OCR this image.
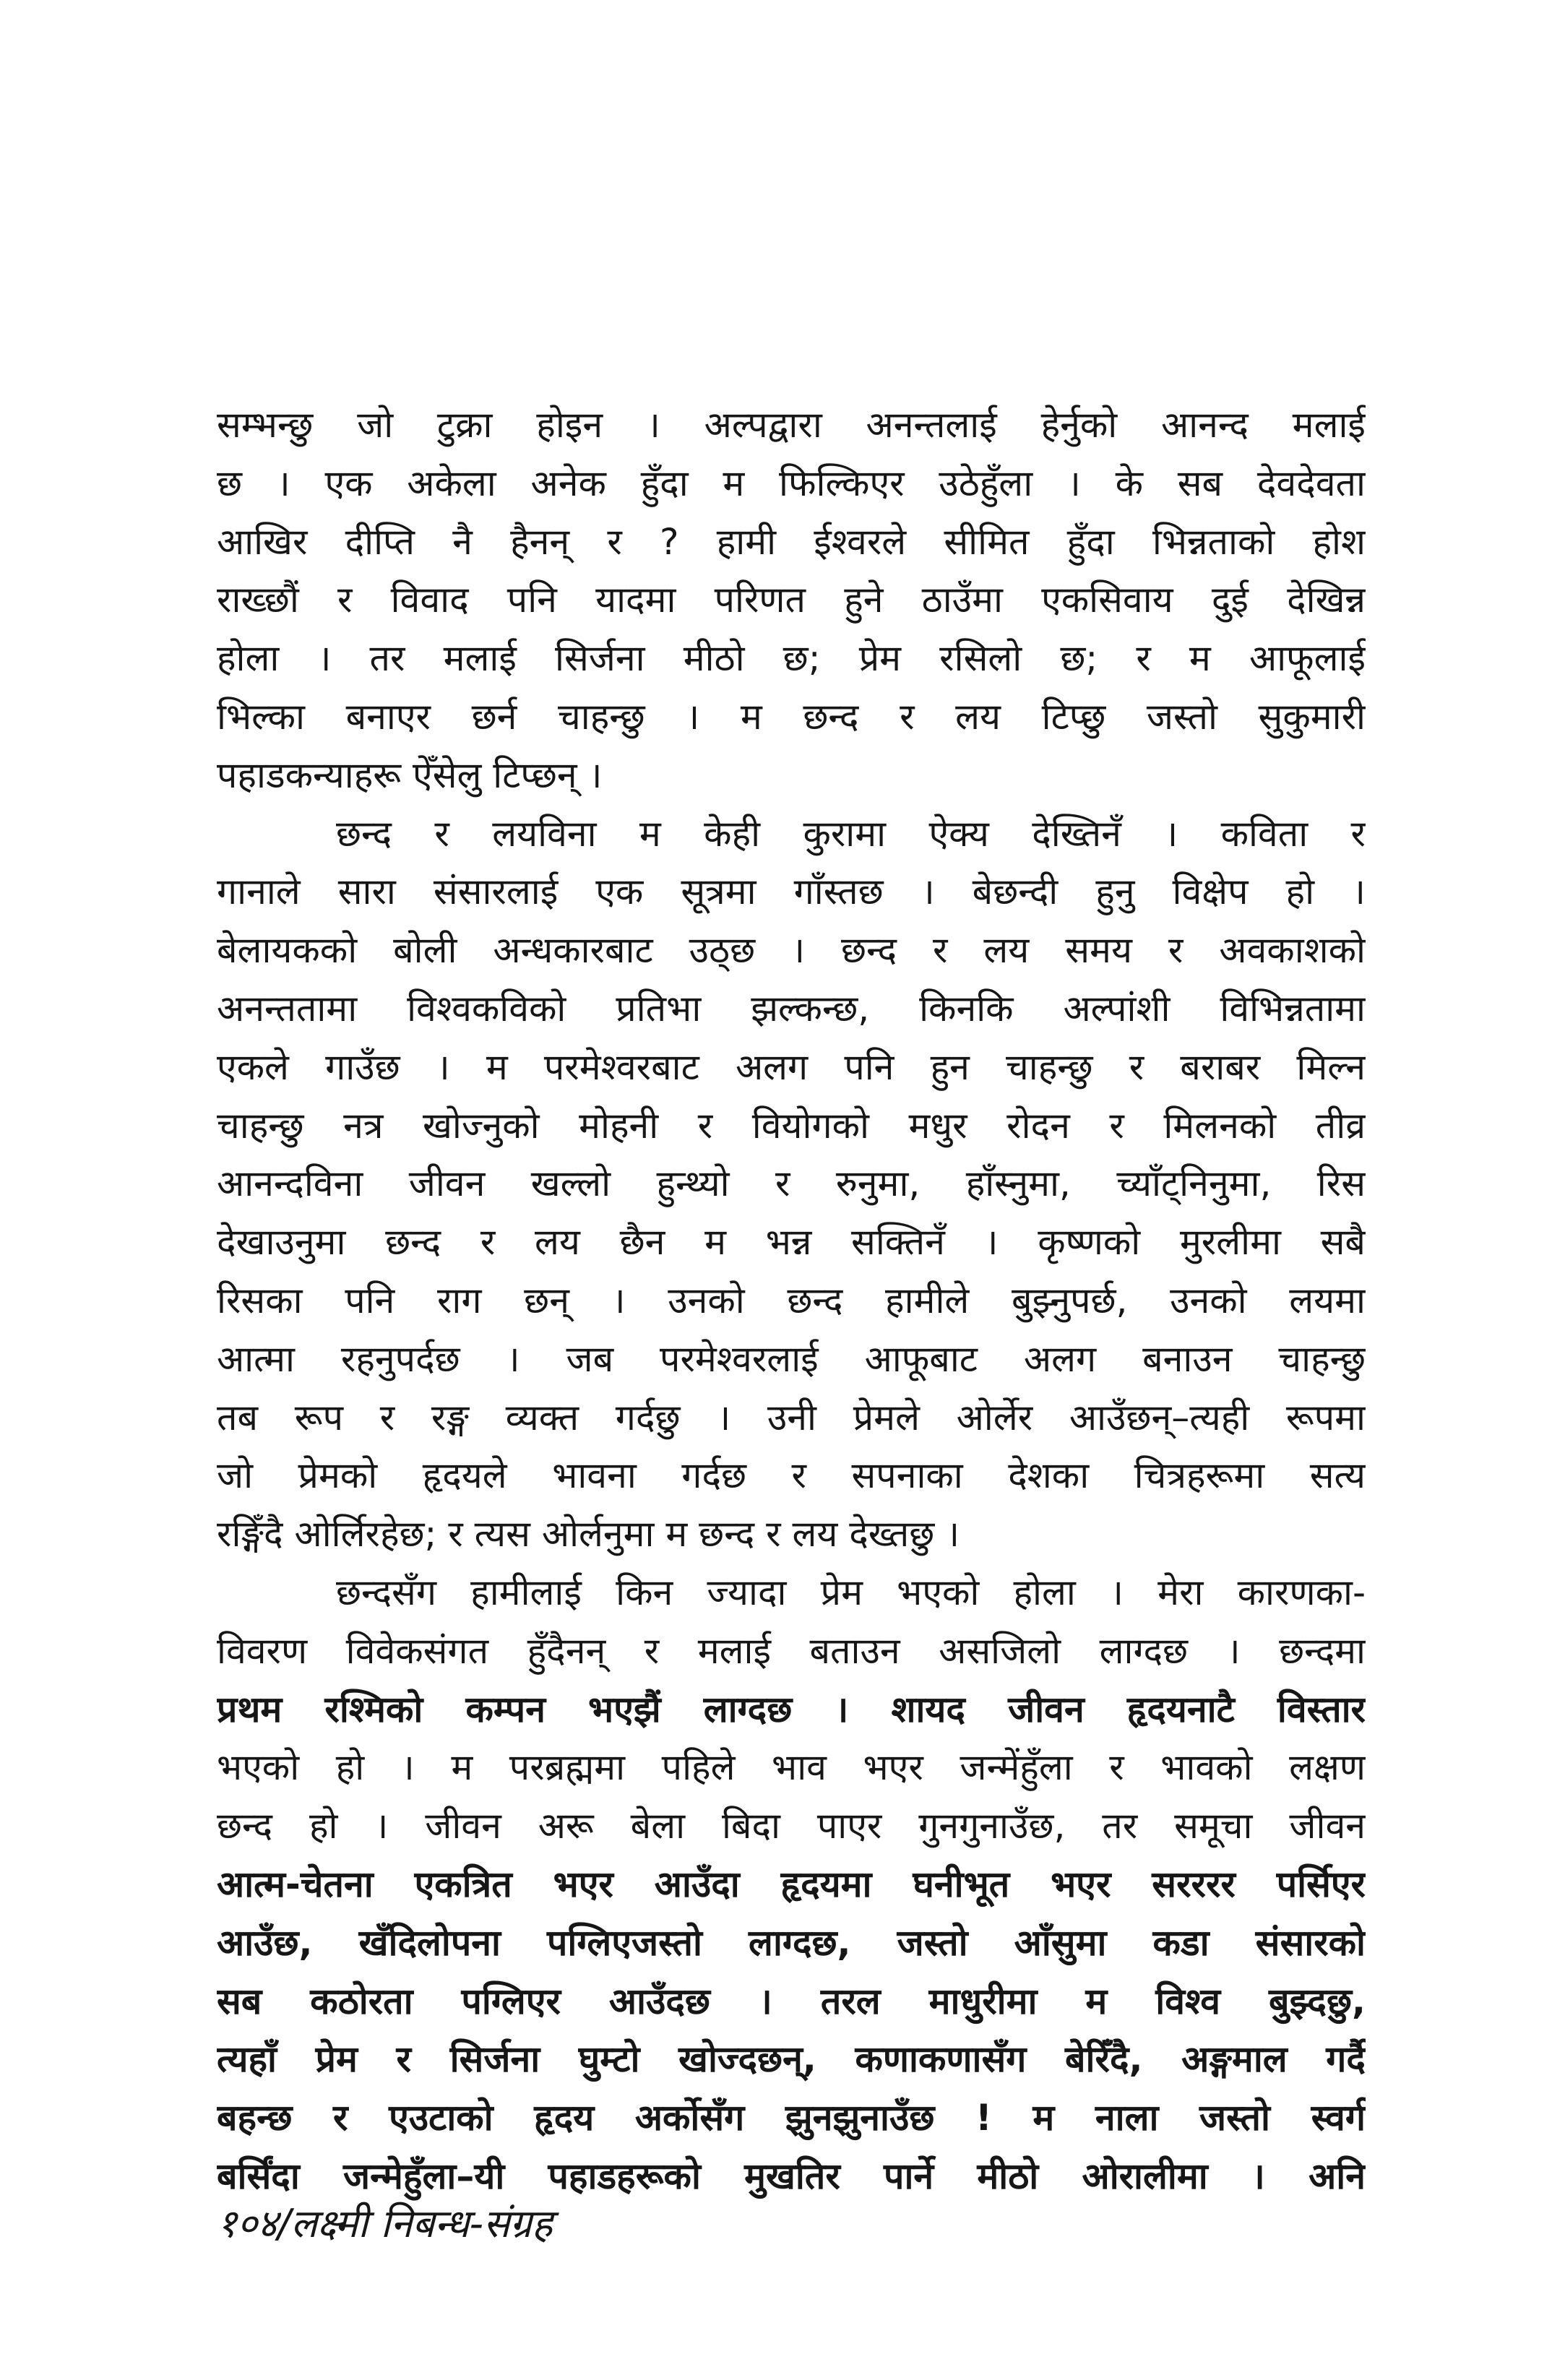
सम्भन्छु जो टुक्रा होइन । अल्पद्वारा अनन्तलाई हेर्नुको आनन्द मलाई
छ । एक अकेला अनेक हुँदा म फिल्किएर उठेहुँला । के सब देवदेवता
आखिर दीप्ति नै हैनन् र ? हामी ईश्वरले सीमित हुँदा भिन्नताको होश
राख्छौं र विवाद पनि यादमा परिणत हुने ठाउँमा एकसिवाय दुई देखिन्न
होला । तर मलाई सिर्जना मीठो छ; प्रेम रसिलो छ; र म आफूलाई
भिल्का बनाएर छर्न चाहन्छु । म छन्द र लय टिप्छु जस्तो सुकुमारी
पहाडकन्याहरू ऐँसेलु टिप्छन् ।
छन्द र लयविना म केही कुरामा ऐक्य देख्तिनँ । कविता र
गानाले सारा संसारलाई एक सूत्रमा गाँस्तछ । बेछन्दी हुनु विक्षेप हो ।
बेलायकको बोली अन्धकारबाट उठ्छ । छन्द र लय समय र अवकाशको
अनन्ततामा विश्वकविको प्रतिभा झल्कन्छ, किनकि अल्पांशी विभिन्नतामा
एकले गाउँछ । म परमेश्वरबाट अलग पनि हुन चाहन्छु र बराबर मिल्न
चाहन्छु नत्र खोज्नुको मोहनी र वियोगको मधुर रोदन र मिलनको तीव्र
आनन्दविना जीवन खल्लो हुन्थ्यो र रुनुमा, हाँस्नुमा, च्याँट्निनुमा, रिस
देखाउनुमा छन्द र लय छैन म भन्न सक्तिनँ । कृष्णको मुरलीमा सबै
रिसका पनि राग छन् । उनको छन्द हामीले बुझ्नुपर्छ, उनको लयमा
आत्मा रहनुपर्दछ । जब परमेश्वरलाई आफूबाट अलग बनाउन चाहन्छु
तब रूप र रङ्ग व्यक्त गर्दछु । उनी प्रेमले ओर्लेर आउँछन्–त्यही रूपमा
जो प्रेमको हृदयले भावना गर्दछ र सपनाका देशका चित्रहरूमा सत्य
रङ्गिँदै ओर्लिरहेछ; र त्यस ओर्लनुमा म छन्द र लय देख्तछु ।
छन्दसँग हामीलाई किन ज्यादा प्रेम भएको होला । मेरा कारणका-
विवरण विवेकसंगत हुँदैनन् र मलाई बताउन असजिलो लाग्दछ । छन्दमा
प्रथम रश्मिको कम्पन भएझैं लाग्दछ । शायद जीवन हृदयनाटै विस्तार
भएको हो । म परब्रह्ममा पहिले भाव भएर जन्मेंहुँला र भावको लक्षण
छन्द हो । जीवन अरू बेला बिदा पाएर गुनगुनाउँछ, तर समूचा जीवन
आत्म-चेतना एकत्रित भएर आउँदा हृदयमा घनीभूत भएर सरररर पर्सिएर
आउँछ, खँदिलोपना पग्लिएजस्तो लाग्दछ, जस्तो आँसुमा कडा संसारको
सब कठोरता पग्लिएर आउँदछ । तरल माधुरीमा म विश्व बुझ्दछु,
त्यहाँ प्रेम र सिर्जना घुम्टो खोज्दछन्, कणाकणासँग बेरिँदै, अङ्गमाल गर्दै
बहन्छ र एउटाको हृदय अर्कोसँग झुनझुनाउँछ ! म नाला जस्तो स्वर्ग
बर्सिंदा जन्मेहुँला–यी पहाडहरूको मुखतिर पार्ने मीठो ओरालीमा । अनि
१०४/लक्ष्मी निबन्ध-संग्रह
